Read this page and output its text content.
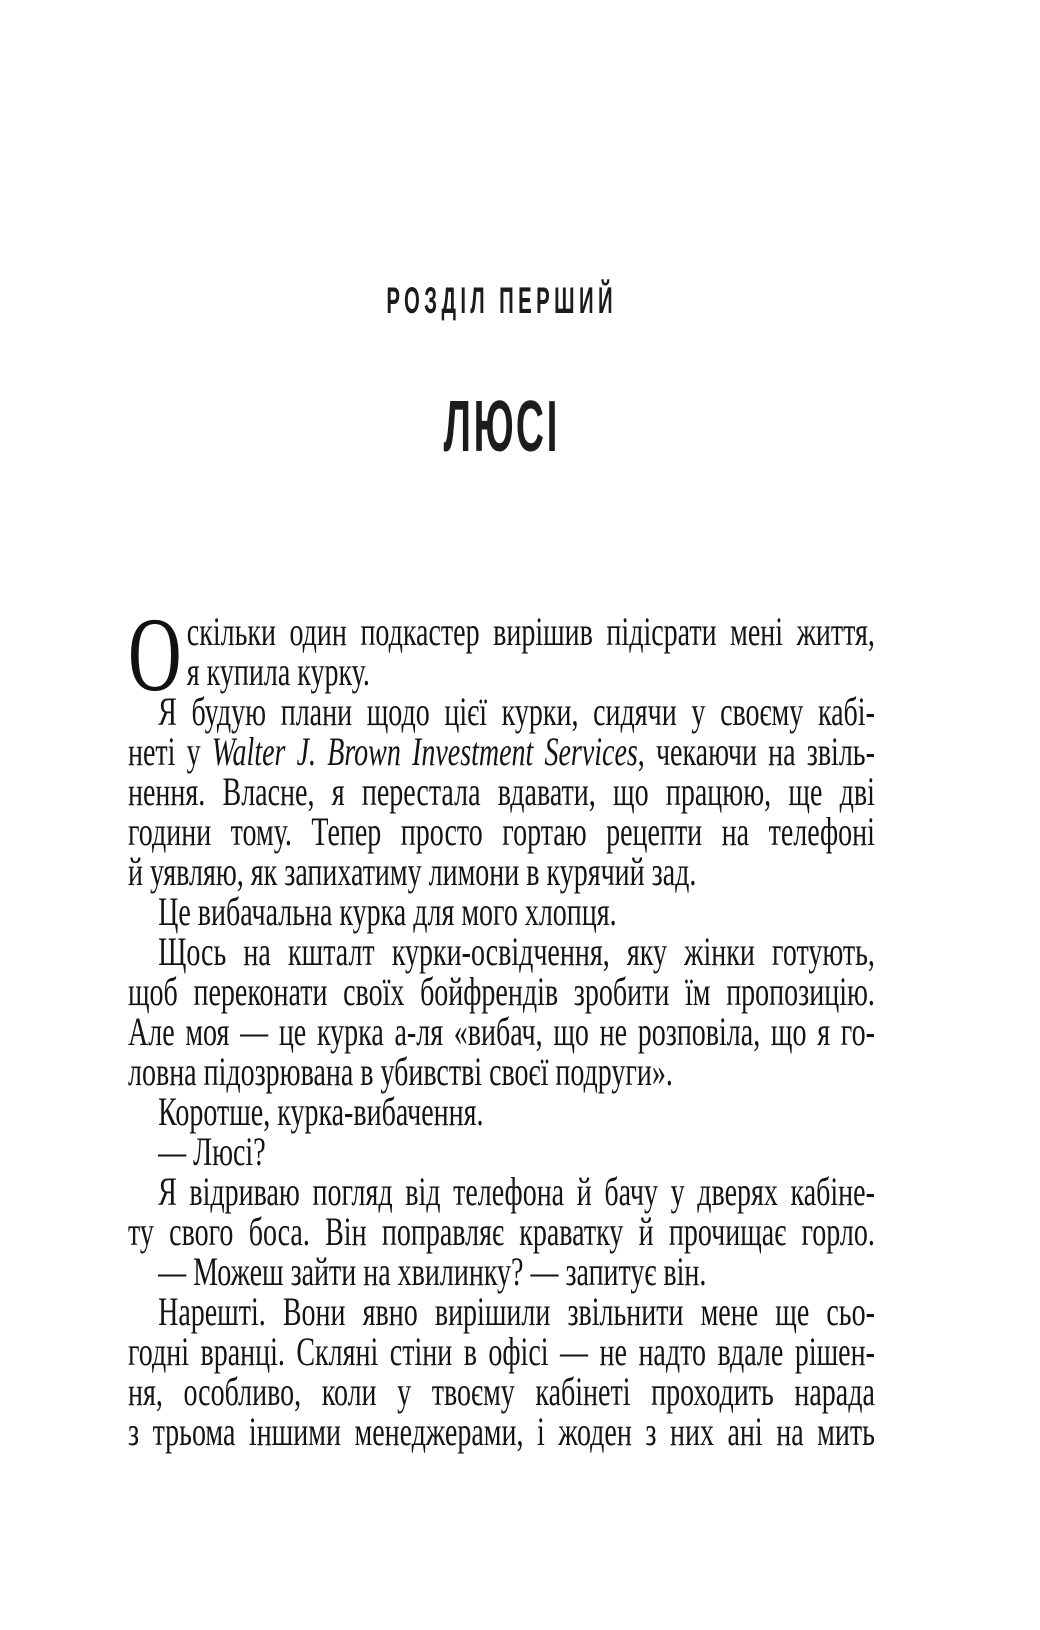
РОЗДІЛ ПЕРШИЙ
ЛЮСІ
О скільки один подкастер вирішив підісрати мені життя,
я купила курку.
Я будую плани щодо цієї курки, сидячи у своєму кабі-
неті у Walter J. Brown Investment Services, чекаючи на звіль-
нення. Власне, я перестала вдавати, що працюю, ще дві
години тому. Тепер просто гортаю рецепти на телефоні
й уявляю, як запихатиму лимони в курячий зад.
Це вибачальна курка для мого хлопця.
Щось на кшталт курки-освідчення, яку жінки готують,
щоб переконати своїх бойфрендів зробити їм пропозицію.
Але моя — це курка а-ля «вибач, що не розповіла, що я го-
ловна підозрювана в убивстві своєї подруги».
Коротше, курка-вибачення.
— Люсі?
Я відриваю погляд від телефона й бачу у дверях кабіне-
ту свого боса. Він поправляє краватку й прочищає горло.
— Можеш зайти на хвилинку? — запитує він.
Нарешті. Вони явно вирішили звільнити мене ще сьо-
годні вранці. Скляні стіни в офісі — не надто вдале рішен-
ня, особливо, коли у твоєму кабінеті проходить нарада
з трьома іншими менеджерами, і жоден з них ані на мить
